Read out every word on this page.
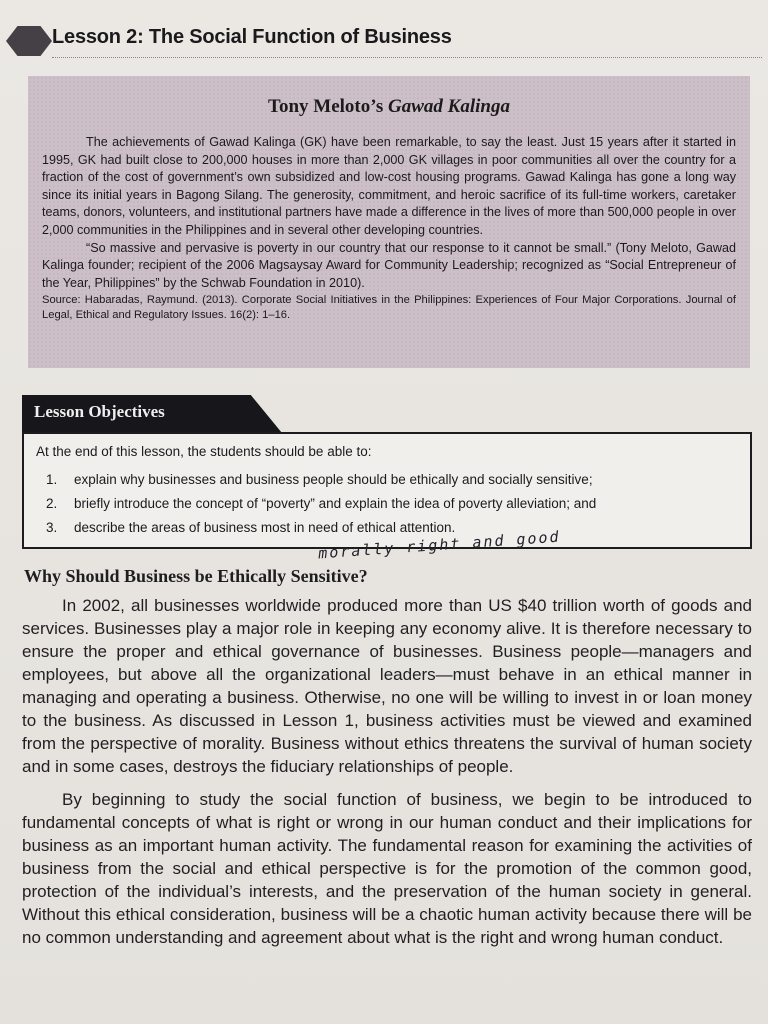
Lesson 2: The Social Function of Business
Tony Meloto’s Gawad Kalinga

The achievements of Gawad Kalinga (GK) have been remarkable, to say the least. Just 15 years after it started in 1995, GK had built close to 200,000 houses in more than 2,000 GK villages in poor communities all over the country for a fraction of the cost of government’s own subsidized and low-cost housing programs. Gawad Kalinga has gone a long way since its initial years in Bagong Silang. The generosity, commitment, and heroic sacrifice of its full-time workers, caretaker teams, donors, volunteers, and institutional partners have made a difference in the lives of more than 500,000 people in over 2,000 communities in the Philippines and in several other developing countries.

“So massive and pervasive is poverty in our country that our response to it cannot be small.” (Tony Meloto, Gawad Kalinga founder; recipient of the 2006 Magsaysay Award for Community Leadership; recognized as “Social Entrepreneur of the Year, Philippines” by the Schwab Foundation in 2010).

Source: Habaradas, Raymund. (2013). Corporate Social Initiatives in the Philippines: Experiences of Four Major Corporations. Journal of Legal, Ethical and Regulatory Issues. 16(2): 1–16.

Lesson Objectives
At the end of this lesson, the students should be able to:
1. explain why businesses and business people should be ethically and socially sensitive;
2. briefly introduce the concept of “poverty” and explain the idea of poverty alleviation; and
3. describe the areas of business most in need of ethical attention.
morally right and good
Why Should Business be Ethically Sensitive?

In 2002, all businesses worldwide produced more than US $40 trillion worth of goods and services. Businesses play a major role in keeping any economy alive. It is therefore necessary to ensure the proper and ethical governance of businesses. Business people—managers and employees, but above all the organizational leaders—must behave in an ethical manner in managing and operating a business. Otherwise, no one will be willing to invest in or loan money to the business. As discussed in Lesson 1, business activities must be viewed and examined from the perspective of morality. Business without ethics threatens the survival of human society and in some cases, destroys the fiduciary relationships of people.

By beginning to study the social function of business, we begin to be introduced to fundamental concepts of what is right or wrong in our human conduct and their implications for business as an important human activity. The fundamental reason for examining the activities of business from the social and ethical perspective is for the promotion of the common good, protection of the individual’s interests, and the preservation of the human society in general. Without this ethical consideration, business will be a chaotic human activity because there will be no common understanding and agreement about what is the right and wrong human conduct.
